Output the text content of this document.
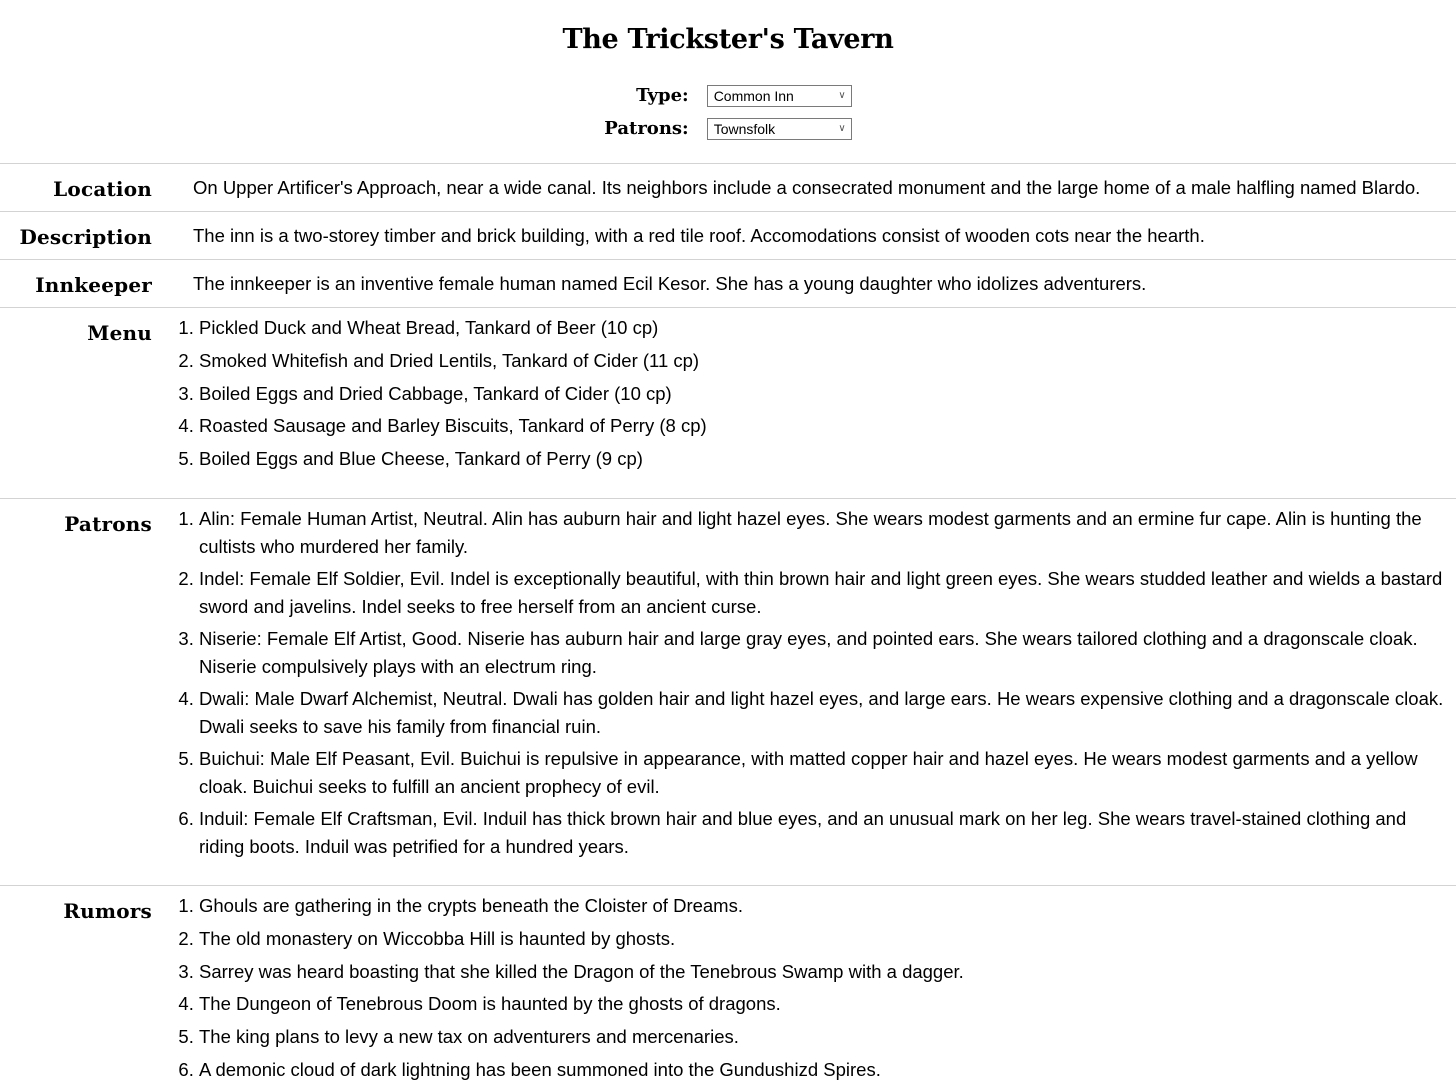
The Trickster's Tavern
Type:	Common Inn	∨
Patrons:	Townsfolk	∨
Location	On Upper Artificer's Approach, near a wide canal. Its neighbors include a consecrated monument and the large home of a male halfling named Blardo.
Description	The inn is a two-storey timber and brick building, with a red tile roof. Accomodations consist of wooden cots near the hearth.
Innkeeper	The innkeeper is an inventive female human named Ecil Kesor. She has a young daughter who idolizes adventurers.
Menu	
1.Pickled Duck and Wheat Bread, Tankard of Beer (10 cp)
2. Smoked Whitefish and Dried Lentils, Tankard of Cider (11 cp)
3. Boiled Eggs and Dried Cabbage, Tankard of Cider (10 cp)
4. Roasted Sausage and Barley Biscuits, Tankard of Perry (8 cp)
5. Boiled Eggs and Blue Cheese, Tankard of Perry (9 cp)

Patrons	
1.Alin: Female Human Artist, Neutral. Alin has auburn hair and light hazel eyes. She wears modest garments and an ermine fur cape. Alin is hunting the cultists who murdered her family.
2. Indel: Female Elf Soldier, Evil. Indel is exceptionally beautiful, with thin brown hair and light green eyes. She wears studded leather and wields a bastard sword and javelins. Indel seeks to free herself from an ancient curse.
3. Niserie: Female Elf Artist, Good. Niserie has auburn hair and large gray eyes, and pointed ears. She wears tailored clothing and a dragonscale cloak. Niserie compulsively plays with an electrum ring.
4. Dwali: Male Dwarf Alchemist, Neutral. Dwali has golden hair and light hazel eyes, and large ears. He wears expensive clothing and a dragonscale cloak. Dwali seeks to save his family from financial ruin.
5. Buichui: Male Elf Peasant, Evil. Buichui is repulsive in appearance, with matted copper hair and hazel eyes. He wears modest garments and a yellow cloak. Buichui seeks to fulfill an ancient prophecy of evil.
6. Induil: Female Elf Craftsman, Evil. Induil has thick brown hair and blue eyes, and an unusual mark on her leg. She wears travel-stained clothing and riding boots. Induil was petrified for a hundred years.

Rumors	
1.Ghouls are gathering in the crypts beneath the Cloister of Dreams.
2. The old monastery on Wiccobba Hill is haunted by ghosts.
3. Sarrey was heard boasting that she killed the Dragon of the Tenebrous Swamp with a dagger.
4. The Dungeon of Tenebrous Doom is haunted by the ghosts of dragons.
5. The king plans to levy a new tax on adventurers and mercenaries.
6. A demonic cloud of dark lightning has been summoned into the Gundushizd Spires.
